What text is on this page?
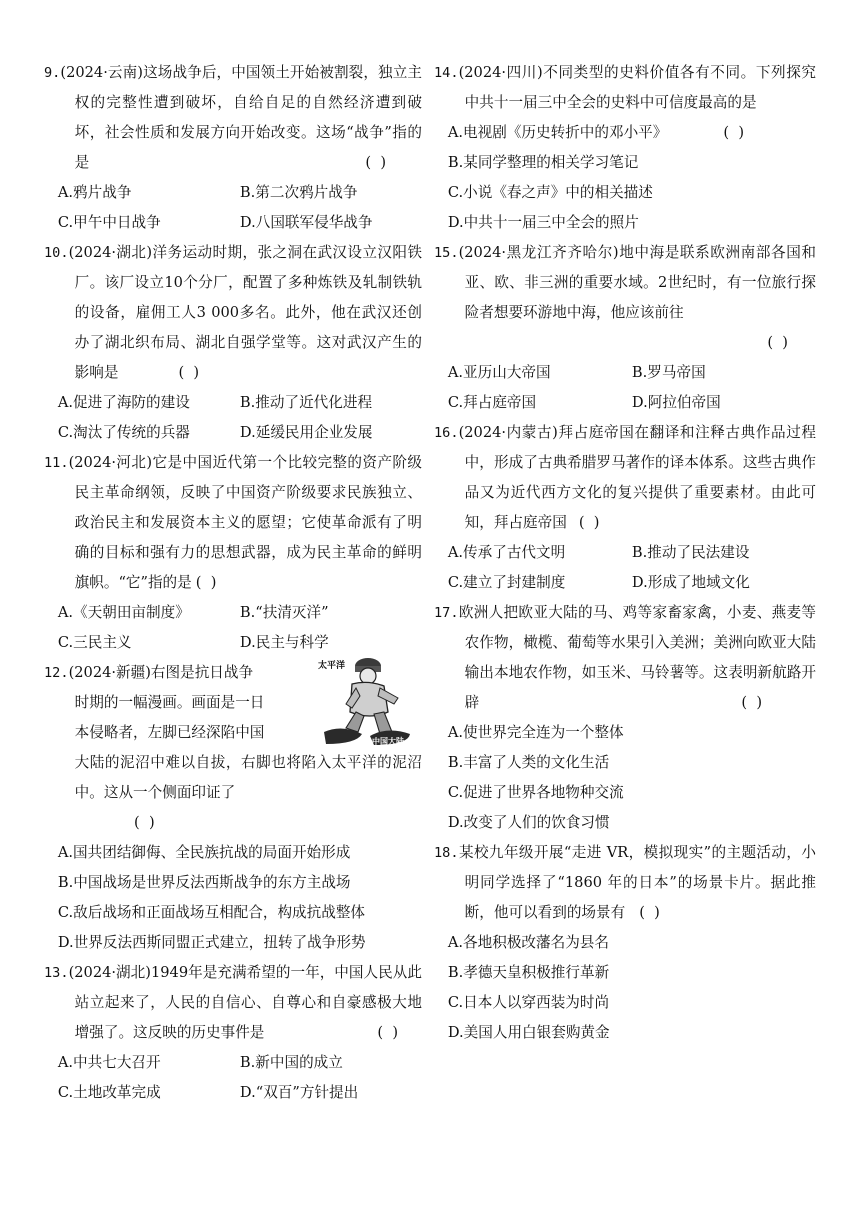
9.(2024·云南)这场战争后，中国领土开始被割裂，独立主权的完整性遭到破坏，自给自足的自然经济遭到破坏，社会性质和发展方向开始改变。这场“战争”指的是	(  )
A.鸦片战争	B.第二次鸦片战争
C.甲午中日战争	D.八国联军侵华战争
10.(2024·湖北)洋务运动时期，张之洞在武汉设立汉阳铁厂。该厂设立10个分厂，配置了多种炼铁及轧制铁轨的设备，雇佣工人3 000多名。此外，他在武汉还创办了湖北织布局、湖北自强学堂等。这对武汉产生的影响是	(  )
A.促进了海防的建设	B.推动了近代化进程
C.淘汰了传统的兵器	D.延缓民用企业发展
11.(2024·河北)它是中国近代第一个比较完整的资产阶级民主革命纲领，反映了中国资产阶级要求民族独立、政治民主和发展资本主义的愿望；它使革命派有了明确的目标和强有力的思想武器，成为民主革命的鲜明旗帜。“它”指的是 (  )
A.《天朝田亩制度》	B.“扶清灭洋”
C.三民主义	D.民主与科学
太平洋
中国大陆
12.(2024·新疆)右图是抗日战争
时期的一幅漫画。画面是一日
本侵略者，左脚已经深陷中国
大陆的泥沼中难以自拔，右脚也将陷入太平洋的泥沼中。这从一个侧面印证了
(  )
A.国共团结御侮、全民族抗战的局面开始形成
B.中国战场是世界反法西斯战争的东方主战场
C.敌后战场和正面战场互相配合，构成抗战整体
D.世界反法西斯同盟正式建立，扭转了战争形势
13.(2024·湖北)1949年是充满希望的一年，中国人民从此站立起来了，人民的自信心、自尊心和自豪感极大地增强了。这反映的历史事件是	(  )
A.中共七大召开	B.新中国的成立
C.土地改革完成	D.“双百”方针提出
14.(2024·四川)不同类型的史料价值各有不同。下列探究中共十一届三中全会的史料中可信度最高的是
(  )
A.电视剧《历史转折中的邓小平》
B.某同学整理的相关学习笔记
C.小说《春之声》中的相关描述
D.中共十一届三中全会的照片
15.(2024·黑龙江齐齐哈尔)地中海是联系欧洲南部各国和亚、欧、非三洲的重要水域。2世纪时，有一位旅行探险者想要环游地中海，他应该前往
(  )
A.亚历山大帝国	B.罗马帝国
C.拜占庭帝国	D.阿拉伯帝国
16.(2024·内蒙古)拜占庭帝国在翻译和注释古典作品过程中，形成了古典希腊罗马著作的译本体系。这些古典作品又为近代西方文化的复兴提供了重要素材。由此可知，拜占庭帝国 (  )
A.传承了古代文明	B.推动了民法建设
C.建立了封建制度	D.形成了地域文化
17.欧洲人把欧亚大陆的马、鸡等家畜家禽，小麦、燕麦等农作物，橄榄、葡萄等水果引入美洲；美洲向欧亚大陆输出本地农作物，如玉米、马铃薯等。这表明新航路开辟	(  )
A.使世界完全连为一个整体
B.丰富了人类的文化生活
C.促进了世界各地物种交流
D.改变了人们的饮食习惯
18.某校九年级开展“走进 VR，模拟现实”的主题活动，小明同学选择了“1860 年的日本”的场景卡片。据此推断，他可以看到的场景有 (  )
A.各地积极改藩名为县名
B.孝德天皇积极推行革新
C.日本人以穿西装为时尚
D.美国人用白银套购黄金
